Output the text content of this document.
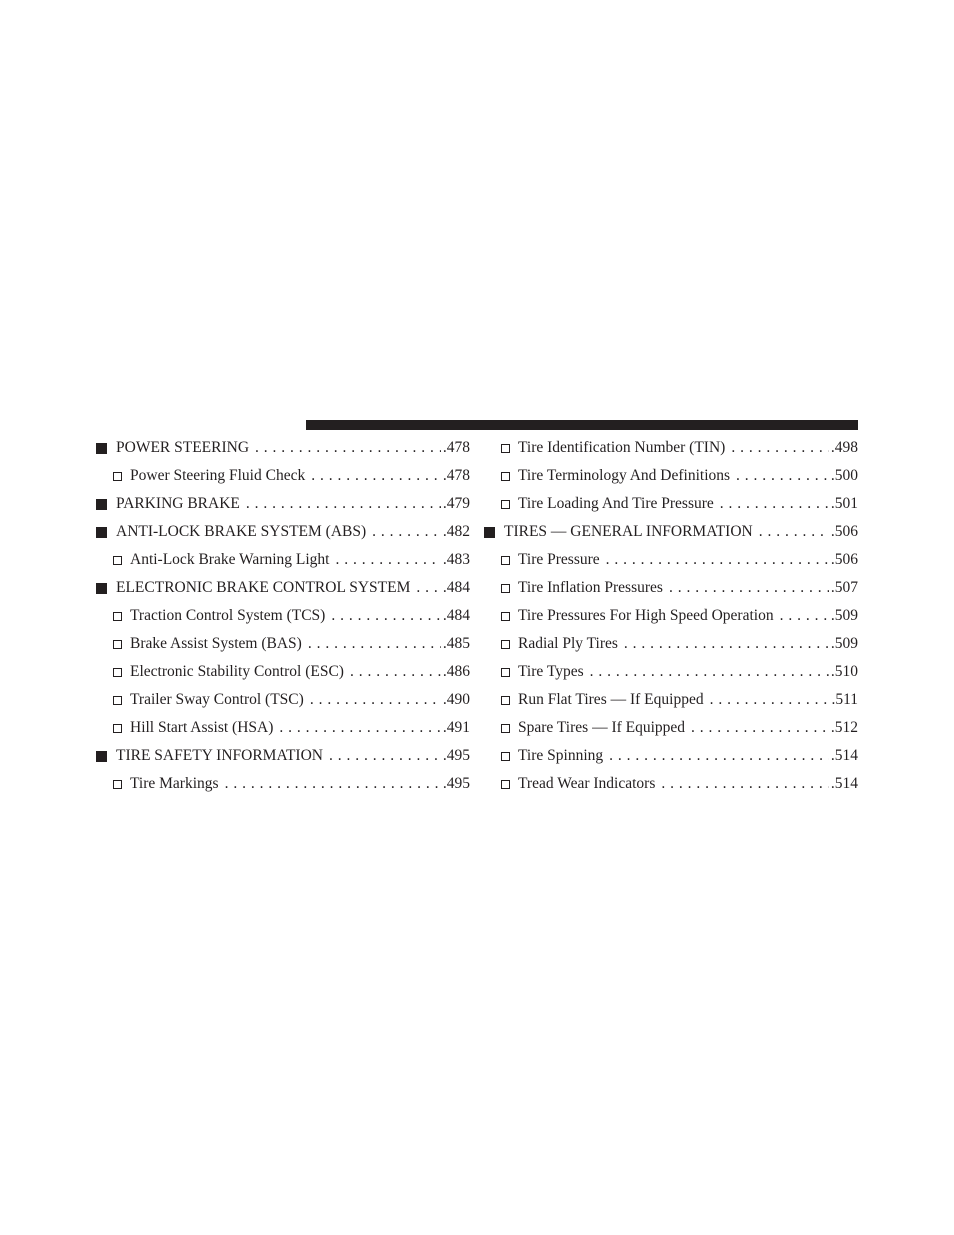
POWER STEERING . . .	.478
Power Steering Fluid Check . . .	.478
PARKING BRAKE . . .	.479
ANTI-LOCK BRAKE SYSTEM (ABS) . . .	.482
Anti-Lock Brake Warning Light . . .	.483
ELECTRONIC BRAKE CONTROL SYSTEM . . . .484
Traction Control System (TCS) . . .	.484
Brake Assist System (BAS) . . .	.485
Electronic Stability Control (ESC) . . .	.486
Trailer Sway Control (TSC) . . .	.490
Hill Start Assist (HSA) . . .	.491
TIRE SAFETY INFORMATION . . .	.495
Tire Markings . . .	.495
Tire Identification Number (TIN) . . .	.498
Tire Terminology And Definitions . . .	.500
Tire Loading And Tire Pressure . . .	.501
TIRES — GENERAL INFORMATION . . .	.506
Tire Pressure . . .	.506
Tire Inflation Pressures . . .	.507
Tire Pressures For High Speed Operation . . .	.509
Radial Ply Tires . . .	.509
Tire Types . . .	.510
Run Flat Tires — If Equipped . . .	.511
Spare Tires — If Equipped . . .	.512
Tire Spinning . . .	.514
Tread Wear Indicators . . .	.514
